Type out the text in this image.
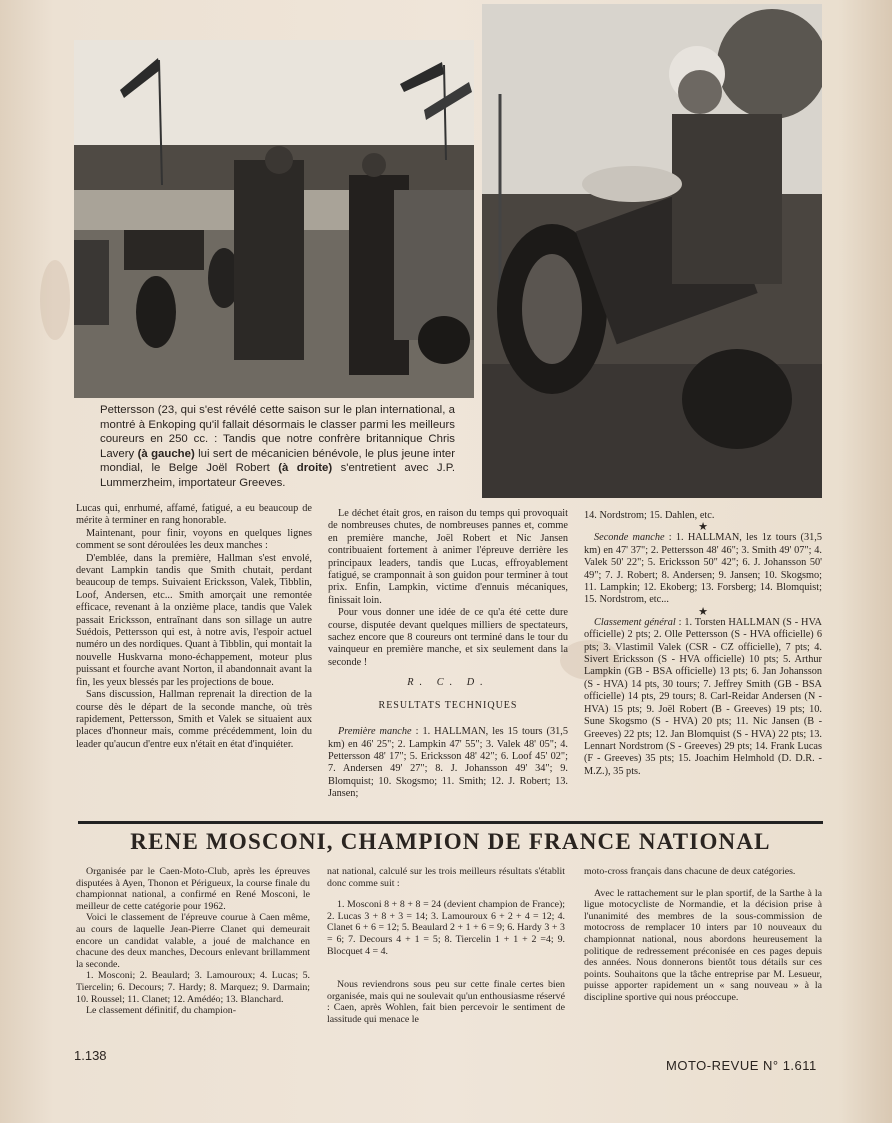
Pettersson (23, qui s'est révélé cette saison sur le plan international, a montré à Enkoping qu'il fallait désormais le classer parmi les meilleurs coureurs en 250 cc. : Tandis que notre confrère britannique Chris Lavery (à gauche) lui sert de mécanicien bénévole, le plus jeune inter mondial, le Belge Joël Robert (à droite) s'entretient avec J.P. Lummerzheim, importateur Greeves.

Lucas qui, enrhumé, affamé, fatigué, a eu beaucoup de mérite à terminer en rang honorable.

Maintenant, pour finir, voyons en quelques lignes comment se sont déroulées les deux manches :

D'emblée, dans la première, Hallman s'est envolé, devant Lampkin tandis que Smith chutait, perdant beaucoup de temps. Suivaient Ericksson, Valek, Tibblin, Loof, Andersen, etc... Smith amorçait une remontée efficace, revenant à la onzième place, tandis que Valek passait Ericksson, entraînant dans son sillage un autre Suédois, Pettersson qui est, à notre avis, l'espoir actuel numéro un des nordiques. Quant à Tibblin, qui montait la nouvelle Huskvarna mono-échappement, moteur plus puissant et fourche avant Norton, il abandonnait avant la fin, les yeux blessés par les projections de boue.

Sans discussion, Hallman reprenait la direction de la course dès le départ de la seconde manche, où très rapidement, Pettersson, Smith et Valek se situaient aux places d'honneur mais, comme précédemment, loin du leader qu'aucun d'entre eux n'était en état d'inquiéter.

Le déchet était gros, en raison du temps qui provoquait de nombreuses chutes, de nombreuses pannes et, comme en première manche, Joël Robert et Nic Jansen contribuaient fortement à animer l'épreuve derrière les principaux leaders, tandis que Lucas, effroyablement fatigué, se cramponnait à son guidon pour terminer à tout prix. Enfin, Lampkin, victime d'ennuis mécaniques, finissait loin.

Pour vous donner une idée de ce qu'a été cette dure course, disputée devant quelques milliers de spectateurs, sachez encore que 8 coureurs ont terminé dans le tour du vainqueur en première manche, et six seulement dans la seconde !

R. C. D.
RESULTATS TECHNIQUES

Première manche : 1. HALLMAN, les 15 tours (31,5 km) en 46' 25"; 2. Lampkin 47' 55"; 3. Valek 48' 05"; 4. Pettersson 48' 17"; 5. Ericksson 48' 42"; 6. Loof 45' 02"; 7. Andersen 49' 27"; 8. J. Johansson 49' 34"; 9. Blomquist; 10. Skogsmo; 11. Smith; 12. J. Robert; 13. Jansen;

14. Nordstrom; 15. Dahlen, etc.

★

Seconde manche : 1. HALLMAN, les 1z tours (31,5 km) en 47' 37"; 2. Pettersson 48' 46"; 3. Smith 49' 07"; 4. Valek 50' 22"; 5. Ericksson 50" 42"; 6. J. Johansson 50' 49"; 7. J. Robert; 8. Andersen; 9. Jansen; 10. Skogsmo; 11. Lampkin; 12. Ekoberg; 13. Forsberg; 14. Blomquist; 15. Nordstrom, etc...

★

Classement général : 1. Torsten HALLMAN (S - HVA officielle) 2 pts; 2. Olle Pettersson (S - HVA officielle) 6 pts; 3. Vlastimil Valek (CSR - CZ officielle), 7 pts; 4. Sivert Ericksson (S - HVA officielle) 10 pts; 5. Arthur Lampkin (GB - BSA officielle) 13 pts; 6. Jan Johansson (S - HVA) 14 pts, 30 tours; 7. Jeffrey Smith (GB - BSA officielle) 14 pts, 29 tours; 8. Carl-Reidar Andersen (N - HVA) 15 pts; 9. Joël Robert (B - Greeves) 19 pts; 10. Sune Skogsmo (S - HVA) 20 pts; 11. Nic Jansen (B - Greeves) 22 pts; 12. Jan Blomquist (S - HVA) 22 pts; 13. Lennart Nordstrom (S - Greeves) 29 pts; 14. Frank Lucas (F - Greeves) 35 pts; 15. Joachim Helmhold (D. D.R. - M.Z.), 35 pts.

RENE MOSCONI, CHAMPION DE FRANCE NATIONAL

Organisée par le Caen-Moto-Club, après les épreuves disputées à Ayen, Thonon et Périgueux, la course finale du championnat national, a confirmé en René Mosconi, le meilleur de cette catégorie pour 1962.

Voici le classement de l'épreuve courue à Caen même, au cours de laquelle Jean-Pierre Clanet qui demeurait encore un candidat valable, a joué de malchance en chacune des deux manches, Decours enlevant brillamment la seconde.

1. Mosconi; 2. Beaulard; 3. Lamouroux; 4. Lucas; 5. Tiercelin; 6. Decours; 7. Hardy; 8. Marquez; 9. Darmain; 10. Roussel; 11. Clanet; 12. Amédéo; 13. Blanchard.

Le classement définitif, du champion-

nat national, calculé sur les trois meilleurs résultats s'établit donc comme suit :

1. Mosconi 8 + 8 + 8 = 24 (devient champion de France); 2. Lucas 3 + 8 + 3 = 14; 3. Lamouroux 6 + 2 + 4 = 12; 4. Clanet 6 + 6 = 12; 5. Beaulard 2 + 1 + 6 = 9; 6. Hardy 3 + 3 = 6; 7. Decours 4 + 1 = 5; 8. Tiercelin 1 + 1 + 2 =4; 9. Blocquet 4 = 4.

Nous reviendrons sous peu sur cette finale certes bien organisée, mais qui ne soulevait qu'un enthousiasme réservé : Caen, après Wohlen, fait bien percevoir le sentiment de lassitude qui menace le

moto-cross français dans chacune de deux catégories.

Avec le rattachement sur le plan sportif, de la Sarthe à la ligue motocycliste de Normandie, et la décision prise à l'unanimité des membres de la sous-commission de motocross de remplacer 10 inters par 10 nouveaux du championnat national, nous abordons heureusement la politique de redressement préconisée en ces pages depuis des années. Nous donnerons bientôt tous détails sur ces points. Souhaitons que la tâche entreprise par M. Lesueur, puisse apporter rapidement un « sang nouveau » à la discipline sportive qui nous préoccupe.

1.138
MOTO-REVUE N° 1.611
